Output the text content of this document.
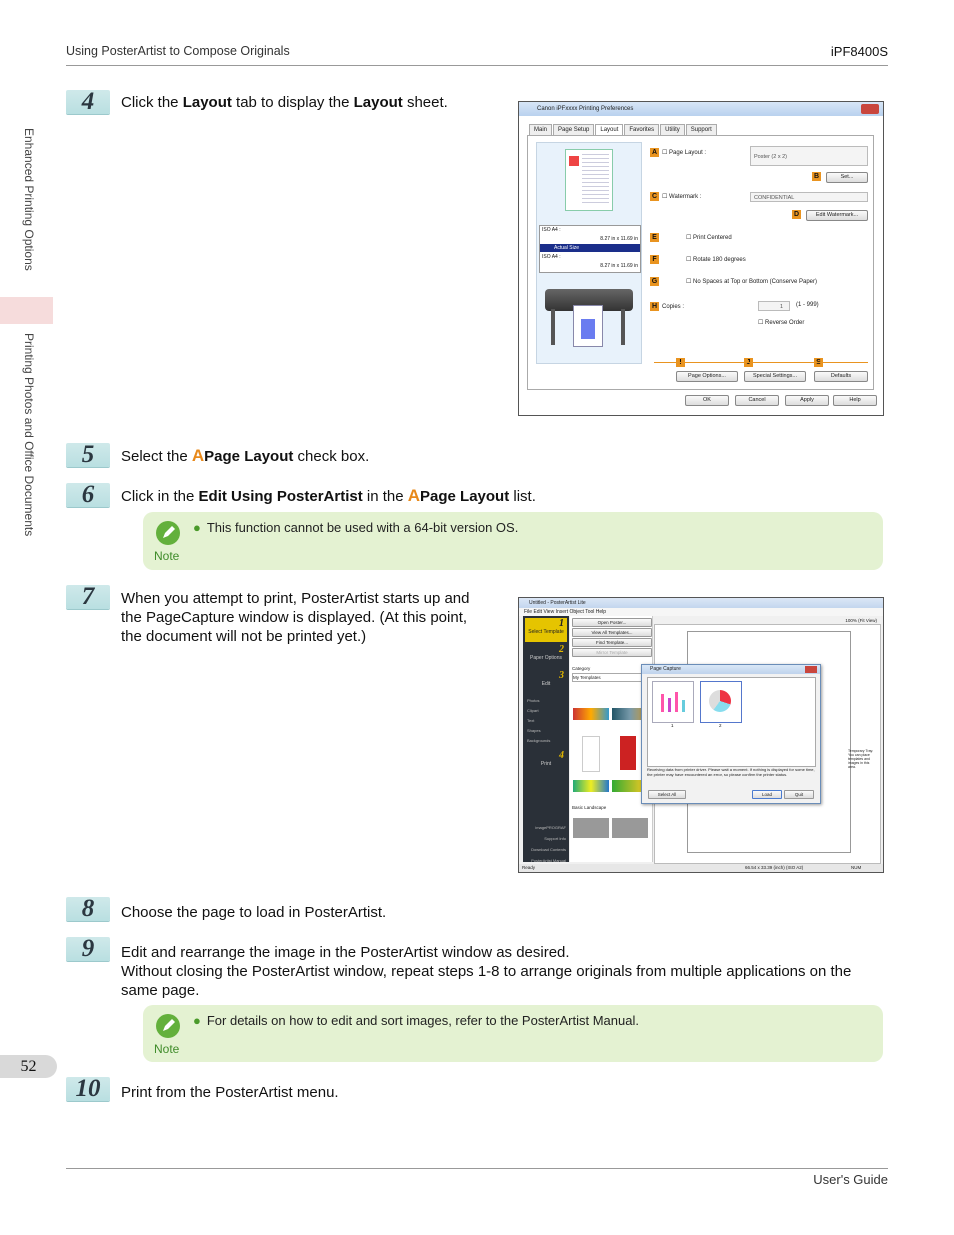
Using PosterArtist to Compose Originals	iPF8400S
User's Guide
Enhanced Printing Options
Printing Photos and Office Documents
52
4	Click the Layout tab to display the Layout sheet.	Canon iPFxxxx Printing Preferences
Main	Page Setup	Layout	Favorites	Utility	Support
ISO A4 :
8.27 in x 11.69 in
Actual Size
ISO A4 :
8.27 in x 11.69 in
A ☐ Page Layout :
Poster (2 x 2)
B	Set...
C ☐ Watermark :	CONFIDENTIAL
D	Edit Watermark...
E	☐ Print Centered
F	☐ Rotate 180 degrees
G	☐ No Spaces at Top or Bottom (Conserve Paper)
H Copies :	1	(1 - 999)
☐ Reverse Order
Page Options...	Special Settings...	Defaults
OK	Cancel	Apply	Help
5	Select the APage Layout check box.
6	Click in the Edit Using PosterArtist in the APage Layout list.
Note
● This function cannot be used with a 64-bit version OS.
7	When you attempt to print, PosterArtist starts up and the PageCapture window is displayed. (At this point, the document will not be printed yet.)
Untitled - PosterArtist Lite
File Edit View Insert Object Tool Help
1
Select Template
2
Paper Options
3
Edit
Photos
Clipart
Text
Shapes
Backgrounds
4
Print
imagePROGRAF Support Info
Download Contents
PosterArtist Manual
Open Poster...
View All Templates...
Find Template...
Mirror Template
Category
My Templates
Basic Landscape
100% (Fit View)
Temporary Tray:
You can place templates and images in this area.
Page Capture
1	2
Receiving data from printer driver. Please wait a moment. If nothing is displayed for some time, the printer may have encountered an error, so please confirm the printer status.
Select All	Load	Quit
Ready	66.54 x 33.39 (inch) (ISO A2)	NUM
8	Choose the page to load in PosterArtist.
9	Edit and rearrange the image in the PosterArtist window as desired.
Without closing the PosterArtist window, repeat steps 1-8 to arrange originals from multiple applications on the
same page.
Note
● For details on how to edit and sort images, refer to the PosterArtist Manual.
10	Print from the PosterArtist menu.
